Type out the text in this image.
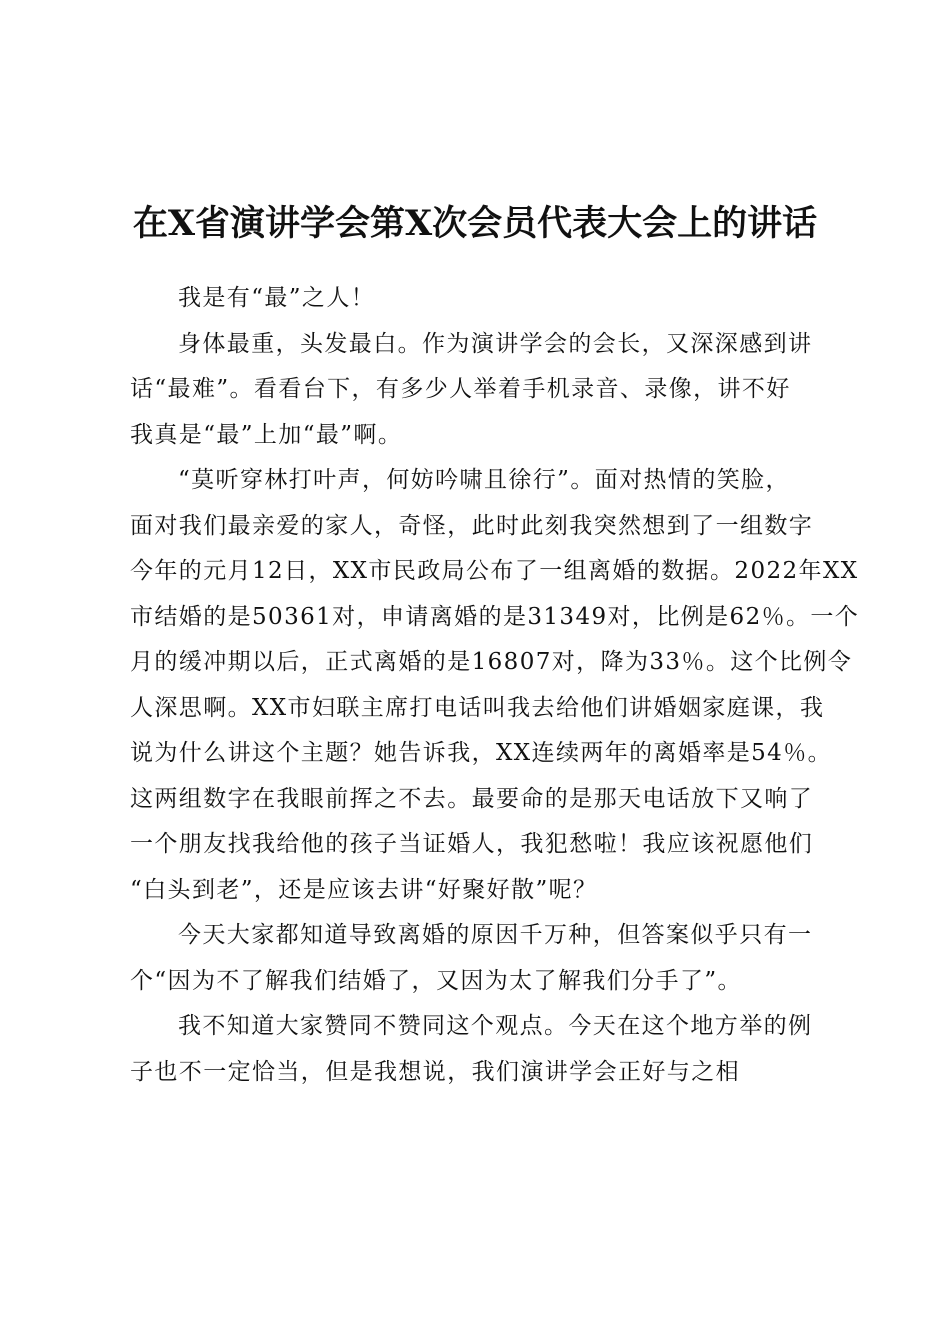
在X省演讲学会第X次会员代表大会上的讲话

我是有“最”之人！

身体最重，头发最白。作为演讲学会的会长，又深深感到讲
话“最难”。看看台下，有多少人举着手机录音、录像，讲不好
我真是“最”上加“最”啊。

“莫听穿林打叶声，何妨吟啸且徐行”。面对热情的笑脸，
面对我们最亲爱的家人，奇怪，此时此刻我突然想到了一组数字
今年的元月12日，XX市民政局公布了一组离婚的数据。2022年XX
市结婚的是50361对，申请离婚的是31349对，比例是62％。一个
月的缓冲期以后，正式离婚的是16807对，降为33％。这个比例令
人深思啊。XX市妇联主席打电话叫我去给他们讲婚姻家庭课，我
说为什么讲这个主题？她告诉我，XX连续两年的离婚率是54％。
这两组数字在我眼前挥之不去。最要命的是那天电话放下又响了
一个朋友找我给他的孩子当证婚人，我犯愁啦！我应该祝愿他们
“白头到老”，还是应该去讲“好聚好散”呢？

今天大家都知道导致离婚的原因千万种，但答案似乎只有一
个“因为不了解我们结婚了，又因为太了解我们分手了”。

我不知道大家赞同不赞同这个观点。今天在这个地方举的例
子也不一定恰当，但是我想说，我们演讲学会正好与之相
